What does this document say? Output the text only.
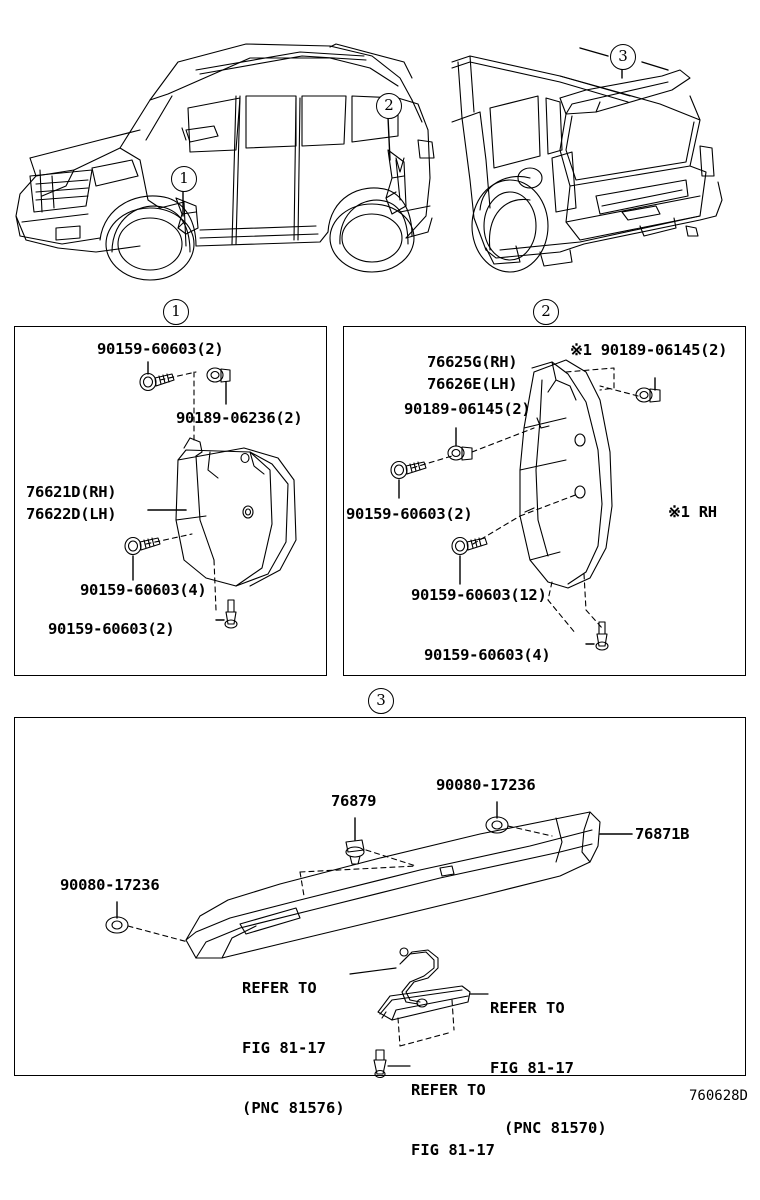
1
2
3
1	2
3
90159-60603(2)
90189-06236(2)
76621D(RH)
76622D(LH)
90159-60603(4)
90159-60603(2)
76625G(RH)
76626E(LH)
※1 90189-06145(2)
90189-06145(2)
90159-60603(2)
90159-60603(12)
90159-60603(4)
※1 RH
76879
90080-17236
90080-17236
76871B

REFER TO

FIG 81-17

(PNC 81576)

REFER TO

FIG 81-17

(PNC 81570)

REFER TO

FIG 81-17

760628D
